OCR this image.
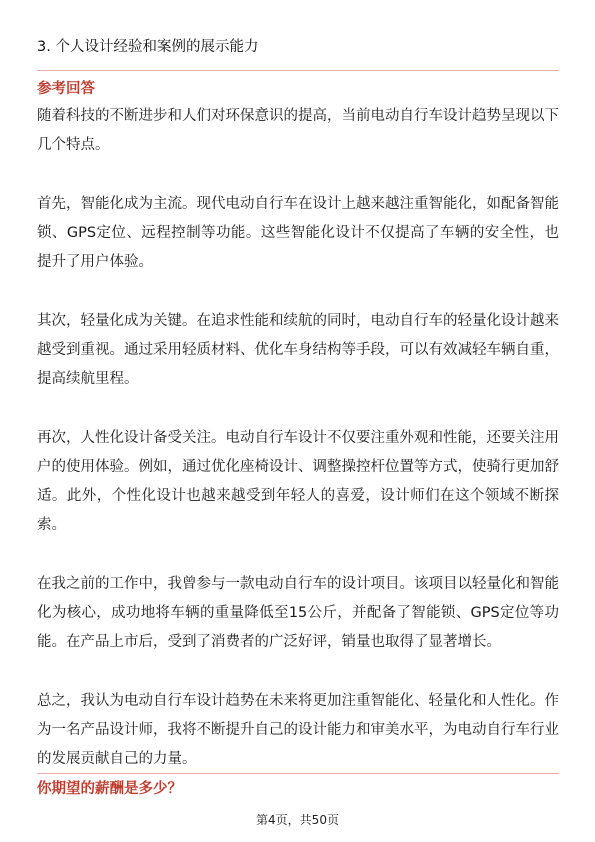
3. 个人设计经验和案例的展示能力
参考回答

随着科技的不断进步和人们对环保意识的提高，当前电动自行车设计趋势呈现以下几个特点。

首先，智能化成为主流。现代电动自行车在设计上越来越注重智能化，如配备智能锁、GPS定位、远程控制等功能。这些智能化设计不仅提高了车辆的安全性，也提升了用户体验。

其次，轻量化成为关键。在追求性能和续航的同时，电动自行车的轻量化设计越来越受到重视。通过采用轻质材料、优化车身结构等手段，可以有效减轻车辆自重，提高续航里程。

再次，人性化设计备受关注。电动自行车设计不仅要注重外观和性能，还要关注用户的使用体验。例如，通过优化座椅设计、调整操控杆位置等方式，使骑行更加舒适。此外，个性化设计也越来越受到年轻人的喜爱，设计师们在这个领域不断探索。

在我之前的工作中，我曾参与一款电动自行车的设计项目。该项目以轻量化和智能化为核心，成功地将车辆的重量降低至15公斤，并配备了智能锁、GPS定位等功能。在产品上市后，受到了消费者的广泛好评，销量也取得了显著增长。

总之，我认为电动自行车设计趋势在未来将更加注重智能化、轻量化和人性化。作为一名产品设计师，我将不断提升自己的设计能力和审美水平，为电动自行车行业的发展贡献自己的力量。

你期望的薪酬是多少？
第4页，共50页
